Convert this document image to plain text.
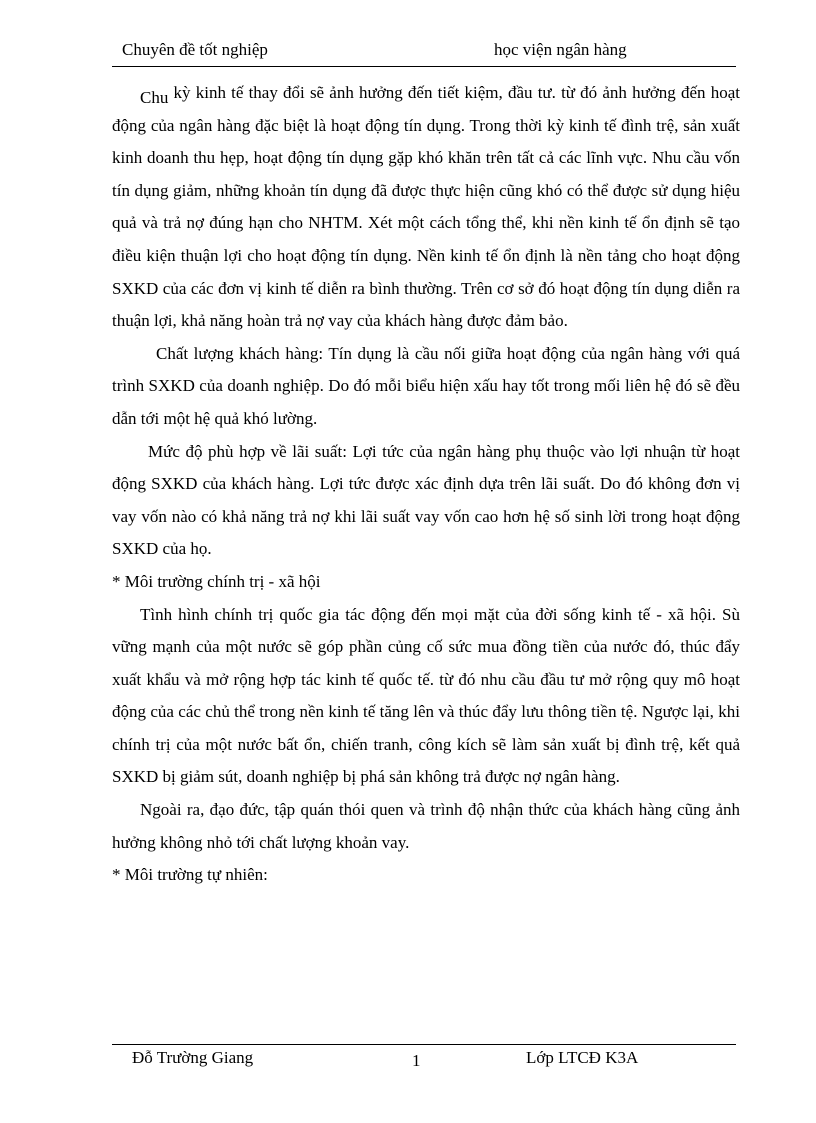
Chuyên đề tốt nghiệp	học viện ngân hàng

Chu kỳ kinh tế thay đổi sẽ ảnh hưởng đến tiết kiệm, đầu tư. từ đó ảnh hưởng đến hoạt động của ngân hàng đặc biệt là hoạt động tín dụng. Trong thời kỳ kinh tế đình trệ, sản xuất kinh doanh thu hẹp, hoạt động tín dụng gặp khó khăn trên tất cả các lĩnh vực. Nhu cầu vốn tín dụng giảm, những khoản tín dụng đã được thực hiện cũng khó có thể được sử dụng hiệu quả và trả nợ đúng hạn cho NHTM. Xét một cách tổng thể, khi nền kinh tế ổn định sẽ tạo điều kiện thuận lợi cho hoạt động tín dụng. Nền kinh tế ổn định là nền tảng cho hoạt động SXKD của các đơn vị kinh tế diễn ra bình thường. Trên cơ sở đó hoạt động tín dụng diễn ra thuận lợi, khả năng hoàn trả nợ vay của khách hàng được đảm bảo.

Chất lượng khách hàng: Tín dụng là cầu nối giữa hoạt động của ngân hàng với quá trình SXKD của doanh nghiệp. Do đó mỗi biểu hiện xấu hay tốt trong mối liên hệ đó sẽ đều dẫn tới một hệ quả khó lường.

Mức độ phù hợp về lãi suất: Lợi tức của ngân hàng phụ thuộc vào lợi nhuận từ hoạt động SXKD của khách hàng. Lợi tức được xác định dựa trên lãi suất. Do đó không đơn vị vay vốn nào có khả năng trả nợ khi lãi suất vay vốn cao hơn hệ số sinh lời trong hoạt động SXKD của họ.

* Môi trường chính trị - xã hội

Tình hình chính trị quốc gia tác động đến mọi mặt của đời sống kinh tế - xã hội. Sù vững mạnh của một nước sẽ góp phần củng cố sức mua đồng tiền của nước đó, thúc đẩy xuất khẩu và mở rộng hợp tác kinh tế quốc tế. từ đó nhu cầu đầu tư mở rộng quy mô hoạt động của các chủ thể trong nền kinh tế tăng lên và thúc đẩy lưu thông tiền tệ. Ngược lại, khi chính trị của một nước bất ổn, chiến tranh, công kích sẽ làm sản xuất bị đình trệ, kết quả SXKD bị giảm sút, doanh nghiệp bị phá sản không trả được nợ ngân hàng.

Ngoài ra, đạo đức, tập quán thói quen và trình độ nhận thức của khách hàng cũng ảnh hưởng không nhỏ tới chất lượng khoản vay.

* Môi trường tự nhiên:

Đỗ Trường Giang	1	Lớp LTCĐ K3A
